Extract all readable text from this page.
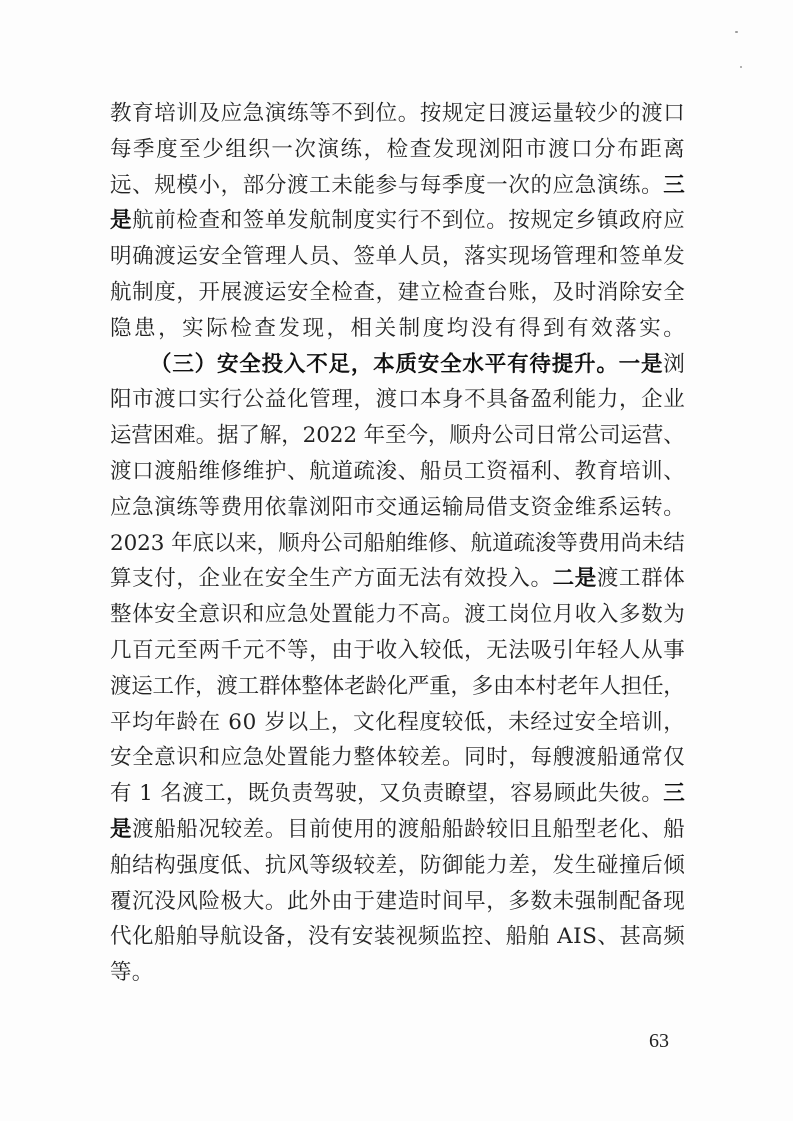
教育培训及应急演练等不到位。按规定日渡运量较少的渡口
每季度至少组织一次演练，检查发现浏阳市渡口分布距离
远、规模小，部分渡工未能参与每季度一次的应急演练。三
是航前检查和签单发航制度实行不到位。按规定乡镇政府应
明确渡运安全管理人员、签单人员，落实现场管理和签单发
航制度，开展渡运安全检查，建立检查台账，及时消除安全
隐患，实际检查发现，相关制度均没有得到有效落实。
（三）安全投入不足，本质安全水平有待提升。一是浏
阳市渡口实行公益化管理，渡口本身不具备盈利能力，企业
运营困难。据了解，2022 年至今，顺舟公司日常公司运营、
渡口渡船维修维护、航道疏浚、船员工资福利、教育培训、
应急演练等费用依靠浏阳市交通运输局借支资金维系运转。
2023 年底以来，顺舟公司船舶维修、航道疏浚等费用尚未结
算支付，企业在安全生产方面无法有效投入。二是渡工群体
整体安全意识和应急处置能力不高。渡工岗位月收入多数为
几百元至两千元不等，由于收入较低，无法吸引年轻人从事
渡运工作，渡工群体整体老龄化严重，多由本村老年人担任，
平均年龄在 60 岁以上，文化程度较低，未经过安全培训，
安全意识和应急处置能力整体较差。同时，每艘渡船通常仅
有 1 名渡工，既负责驾驶，又负责瞭望，容易顾此失彼。三
是渡船船况较差。目前使用的渡船船龄较旧且船型老化、船
舶结构强度低、抗风等级较差，防御能力差，发生碰撞后倾
覆沉没风险极大。此外由于建造时间早，多数未强制配备现
代化船舶导航设备，没有安装视频监控、船舶 AIS、甚高频
等。
63
